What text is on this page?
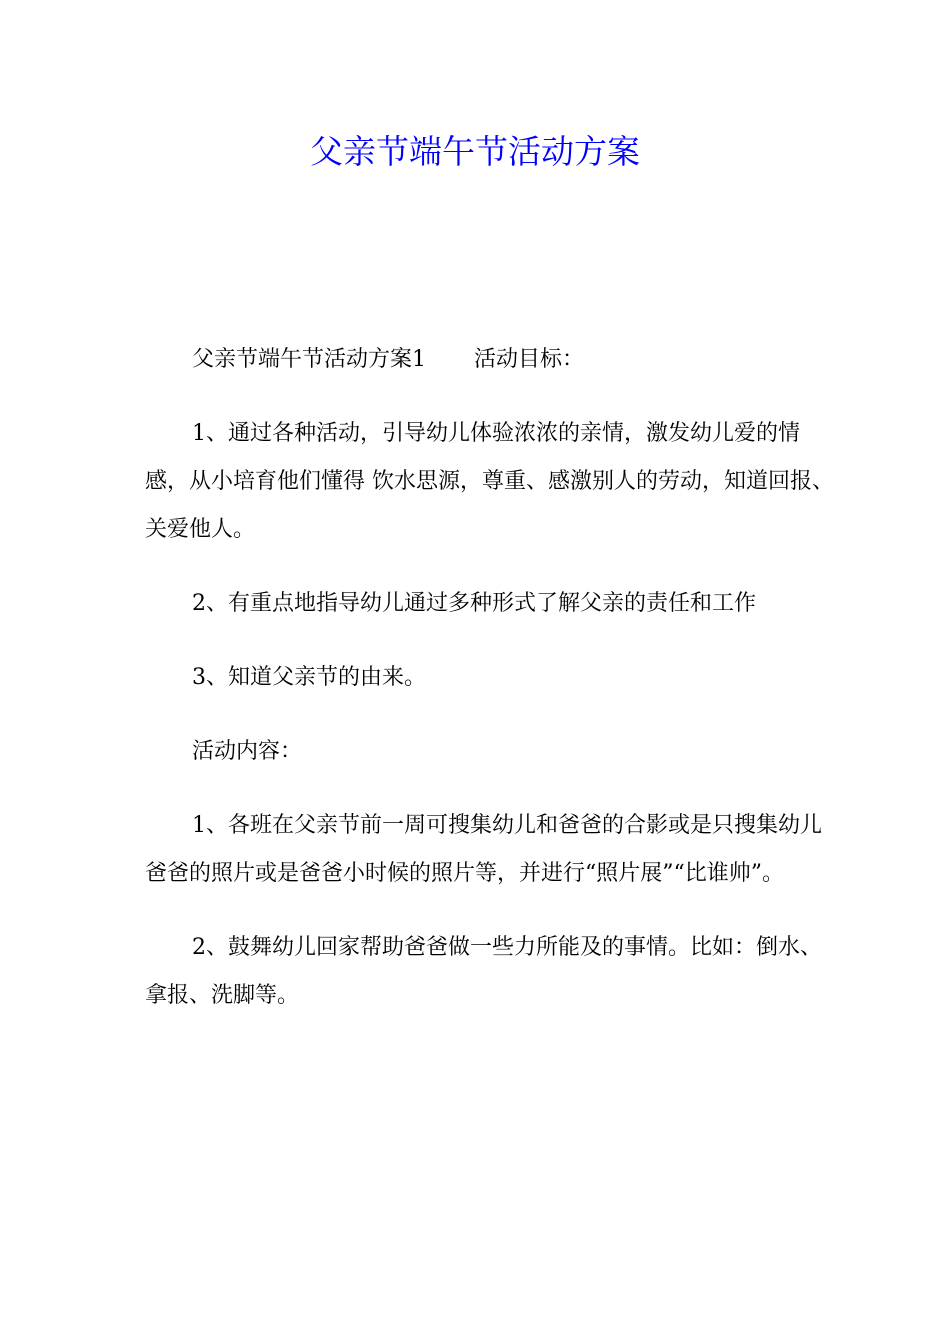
父亲节端午节活动方案

父亲节端午节活动方案1 活动目标：

1、通过各种活动，引导幼儿体验浓浓的亲情，激发幼儿爱的情感，从小培育他们懂得 饮水思源，尊重、感激别人的劳动，知道回报、关爱他人。

2、有重点地指导幼儿通过多种形式了解父亲的责任和工作

3、知道父亲节的由来。

活动内容：

1、各班在父亲节前一周可搜集幼儿和爸爸的合影或是只搜集幼儿爸爸的照片或是爸爸小时候的照片等，并进行“照片展”“比谁帅”。

2、鼓舞幼儿回家帮助爸爸做一些力所能及的事情。比如：倒水、拿报、洗脚等。
